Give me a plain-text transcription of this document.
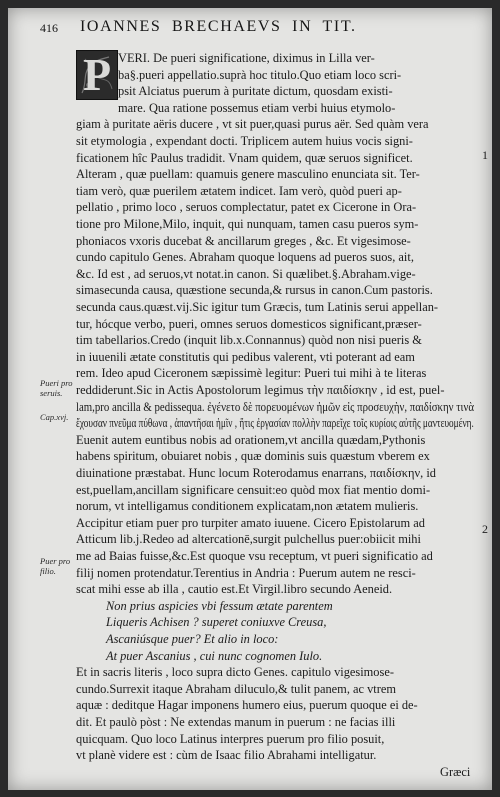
416 IOANNES BRECHAEVS IN TIT.
1
2
P VERI. De pueri significatione, diximus in Lilla ver-
ba§.pueri appellatio.suprà hoc titulo.Quo etiam loco scri-
psit Alciatus puerum à puritate dictum, quosdam existi-
mare. Qua ratione possemus etiam verbi huius etymolo-
giam à puritate aëris ducere , vt sit puer,quasi purus aër. Sed quàm vera
sit etymologia , expendant docti. Triplicem autem huius vocis signi-
ficationem hîc Paulus tradidit. Vnam quidem, quæ seruos significet.
Alteram , quæ puellam: quamuis genere masculino enunciata sit. Ter-
tiam verò, quæ puerilem ætatem indicet. Iam verò, quòd pueri ap-
pellatio , primo loco , seruos complectatur, patet ex Cicerone in Ora-
tione pro Milone,Milo, inquit, qui nunquam, tamen casu pueros sym-
phoniacos vxoris ducebat & ancillarum greges , &c. Et vigesimose-
cundo capitulo Genes. Abraham quoque loquens ad pueros suos, ait,
&c. Id est , ad seruos,vt notat.in canon. Si quælibet.§.Abraham.vige-
simasecunda causa, quæstione secunda,& rursus in canon.Cum pastoris.
secunda caus.quæst.vij.Sic igitur tum Græcis, tum Latinis serui appellan-
tur, hócque verbo, pueri, omnes seruos domesticos significant,præser-
tim tabellarios.Credo (inquit lib.x.Connannus) quòd non nisi pueris &
in iuuenili ætate constitutis qui pedibus valerent, vti poterant ad eam
rem. Ideo apud Ciceronem sæpissimè legitur: Pueri tui mihi à te literas
reddiderunt.Sic in Actis Apostolorum legimus τὴν παιδίσκην , id est, puel-
lam,pro ancilla & pedissequa. ἐγένετο δὲ πορευομένων ἡμῶν εἰς προσευχὴν, παιδίσκην τινὰ
ἔχουσαν πνεῦμα πύθωνα , ἀπαντῆσαι ἡμῖν , ἥτις ἐργασίαν πολλὴν παρεῖχε τοῖς κυρίοις αὐτῆς μαντευομένη.
Euenit autem euntibus nobis ad orationem,vt ancilla quædam,Pythonis
habens spiritum, obuiaret nobis , quæ dominis suis quæstum vberem ex
diuinatione præstabat. Hunc locum Roterodamus enarrans, παιδίσκην, id
est,puellam,ancillam significare censuit:eo quòd mox fiat mentio domi-
norum, vt intelligamus conditionem explicatam,non ætatem mulieris.
Accipitur etiam puer pro turpiter amato iuuene. Cicero Epistolarum ad
Atticum lib.j.Redeo ad altercationē,surgit pulchellus puer:obiicit mihi
me ad Baias fuisse,&c.Est quoque vsu receptum, vt pueri significatio ad
filij nomen protendatur.Terentius in Andria : Puerum autem ne resci-
scat mihi esse ab illa , cautio est.Et Virgil.libro secundo Aeneid.
Non prius aspicies vbi fessum ætate parentem
Liqueris Achisen ? superet coniuxve Creusa,
Ascaniúsque puer? Et alio in loco:
At puer Ascanius , cui nunc cognomen Iulo.
Et in sacris literis , loco supra dicto Genes. capitulo vigesimose-
cundo.Surrexit itaque Abraham diluculo,& tulit panem, ac vtrem
aquæ : deditque Hagar imponens humero eius, puerum quoque ei de-
dit. Et paulò pòst : Ne extendas manum in puerum : ne facias illi
quicquam. Quo loco Latinus interpres puerum pro filio posuit,
vt planè videre est : cùm de Isaac filio Abrahami intelligatur.
Græci
Pueri pro seruis.
Cap.xvj.
Puer pro filio.
